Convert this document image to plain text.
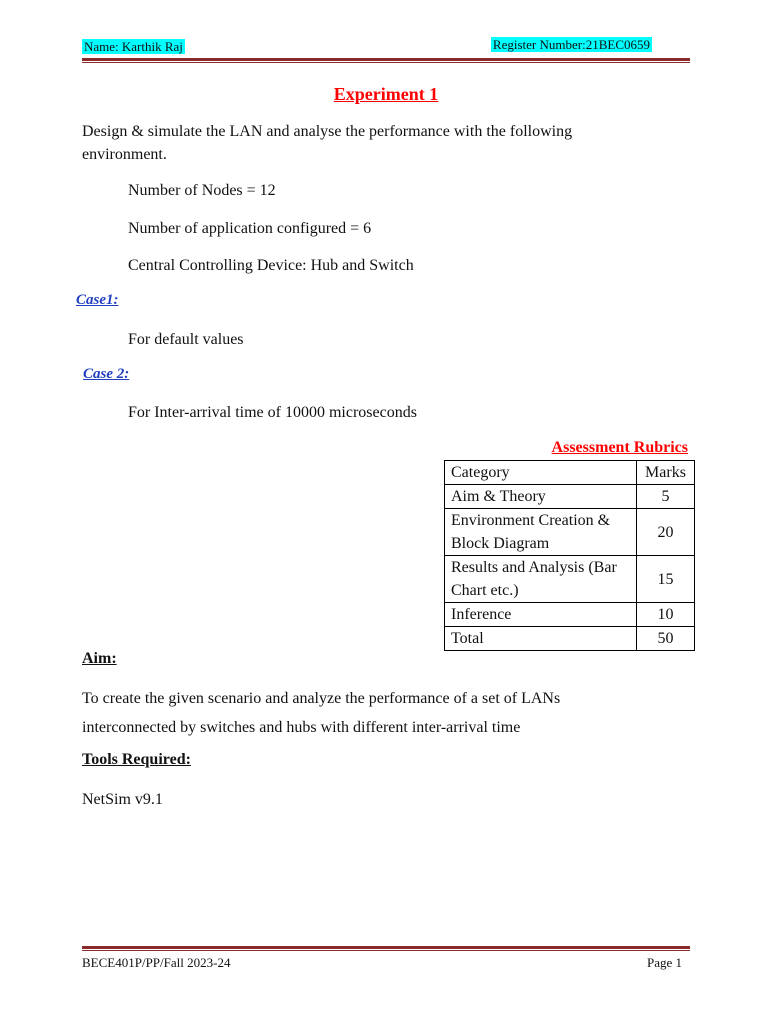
Name: Karthik Raj	Register Number:21BEC0659
Experiment 1
Design & simulate the LAN and analyse the performance with the following environment.
Number of Nodes = 12
Number of application configured = 6
Central Controlling Device: Hub and Switch
Case1:
For default values
Case 2:
For Inter-arrival time of 10000 microseconds
Assessment Rubrics
Category	Marks
Aim & Theory	5
Environment Creation & Block Diagram	20
Results and Analysis (Bar Chart etc.)	15
Inference	10
Total	50
Aim:
To create the given scenario and analyze the performance of a set of LANs interconnected by switches and hubs with different inter-arrival time
Tools Required:
NetSim v9.1
BECE401P/PP/Fall 2023-24	Page 1
